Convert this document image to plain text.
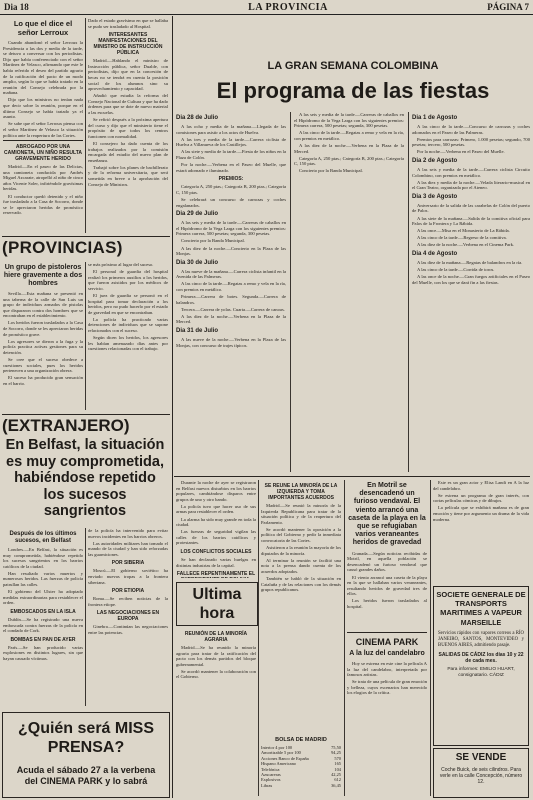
Dia 18	LA PROVINCIA	PÁGINA 7
Lo que el dice el señor Lerroux

Cuando abandonó el señor Lerroux la Presidencia a las dos y media de la tarde, se detuvo a conversar con los periodistas. Dijo que había conferenciado con el señor Martínez de Velasco, afirmando que este le había referido el deseo del partido agrario de la ratificación del pacto de un modo amplio, según lo que se había tratado en la reunión del Consejo celebrada por la mañana.

Dijo que los ministros no tenían nada que decir sobre la reunión, porque en el último Consejo se había tratado ya el asunto.

Se sabe que el señor Lerroux piensa con el señor Martínez de Velasco la situación política ante la reapertura de las Cortes.

ABROGADO POR UNA CAMIONETA, UN NIÑO RESULTA GRAVEMENTE HERIDO

Madrid.—En el paseo de las Delicias, una camioneta conducida por Andrés Miguel Azcarate, atropelló al niño de cinco años Vicente Soler, infiriéndole gravísimas heridas.

El conductor quedó detenido y el niño fue trasladado a la Casa de Socorro, donde se le apreciaron heridas de pronóstico reservado.

Dado el estado gravísimo en que se hallaba se pudo ser trasladado al Hospital.

INTERESANTES MANIFESTACIONES DEL MINISTRO DE INSTRUCCIÓN PÚBLICA

Madrid.—Hablando el ministro de Instrucción pública, señor Dualde, con periodistas, dijo que en la concesión de becas no se tendrá en cuenta la posición social de los alumnos sino su aprovechamiento y capacidad.

Añadió que estudia la reforma del Consejo Nacional de Cultura y que ha dado órdenes para que se dote de nuevo material a las escuelas.

Se refirió después a la próxima apertura del curso y dijo que el ministerio tiene el propósito de que todos los centros funcionen con normalidad.

El consejero ha dado cuenta de los trabajos realizados por la comisión encargada del estudio del nuevo plan de enseñanza.

Trabajó sobre los planes de bachillerato y de la reforma universitaria, que será sometida en breve a la aprobación del Consejo de Ministros.

(PROVINCIAS)
Un grupo de pistoleros hiere gravemente a dos hombres

Sevilla.—Esta mañana se presentó en una taberna de la calle de San Luis un grupo de individuos armados de pistolas que dispararon contra dos hombres que se encontraban en el establecimiento.

Los heridos fueron trasladados a la Casa de Socorro, donde se les apreciaron heridas de pronóstico grave.

Los agresores se dieron a la fuga y la policía practica activas gestiones para su detención.

Se cree que el suceso obedece a cuestiones sociales, pues los heridos pertenecen a una organización obrera.

El suceso ha producido gran sensación en el barrio.

se más próximo al lugar del suceso.

El personal de guardia del hospital realizó los primeros auxilios a los heridos, que fueron asistidos por los médicos de servicio.

El juez de guardia se personó en el hospital para tomar declaración a los heridos, pero no pudo hacerlo por el estado de gravedad en que se encontraban.

La policía ha practicado varias detenciones de individuos que se supone relacionados con el suceso.

Según dicen los heridos, los agresores les habían amenazado días antes por cuestiones relacionadas con el trabajo.

(EXTRANJERO)
En Belfast, la situación es muy comprometida, habiéndose repetido los sucesos sangrientos
Después de los últimos sucesos, en Belfast

Londres.—En Belfast, la situación es muy comprometida, habiéndose repetido los sucesos sangrientos en los barrios católicos de la ciudad.

Han resultado varios muertos y numerosos heridos. Las fuerzas de policía patrullan las calles.

El gobierno del Ulster ha adoptado medidas extraordinarias para restablecer el orden.

EMBOSCADOS EN LA ISLA

Dublín.—Se ha registrado una nueva emboscada contra fuerzas de la policía en el condado de Cork.

BOMBAS EN PAN DE AYER

París.—Se han producido varias explosiones en distintos lugares, sin que hayan causado víctimas.

de la policía ha intervenido para evitar nuevos incidentes en los barrios obreros.

Las autoridades militares han tomado el mando de la ciudad y han sido reforzadas las guarniciones.

POR SIBERIA

Moscú.—El gobierno soviético ha enviado nuevas tropas a la frontera siberiana.

POR ETIOPIA

Roma.—Se reciben noticias de la frontera etíope.

LAS NEGOCIACIONES EN EUROPA

Ginebra.—Continúan las negociaciones entre las potencias.

¿Quién será MISS PRENSA?
Acuda el sábado 27 a la verbena del CINEMA PARK y lo sabrá
LA GRAN SEMANA COLOMBINA
El programa de las fiestas
Dia 28 de Julio

A las ocho y media de la mañana.—Llegada de las comisiones para asistir a los actos de Huelva.

A las tres y media de la tarde.—Carrera ciclista de Huelva a Villanueva de los Castillejos.

A las siete y media de la tarde.—Fiesta de los niños en la Plaza de Colón.

Por la noche.—Verbena en el Paseo del Muelle, que estará adornado e iluminado.

PREMIOS:

Categoría A, 250 ptas.; Categoría B, 200 ptas.; Categoría C, 150 ptas.

Se celebrará un concurso de carrozas y coches engalanados.

Dia 29 de Julio

A las seis y media de la tarde.—Carreras de caballos en el Hipódromo de la Vega Larga con los siguientes premios: Primera carrera, 500 pesetas; segunda, 300 pesetas.

Concierto por la Banda Municipal.

A las diez de la noche.—Concierto en la Plaza de las Monjas.

Dia 30 de Julio

A las nueve de la mañana.—Carrera ciclista infantil en la Avenida de las Palmeras.

A las cinco de la tarde.—Regatas a remo y vela en la ría, con premios en metálico.

Primera.—Carrera de botes. Segunda.—Carrera de balandros.

Tercera.—Carrera de yolas. Cuarta.—Carrera de canoas.

A las diez de la noche.—Verbena en la Plaza de la Merced.

Dia 31 de Julio

A las nueve de la noche.—Verbena en la Plaza de las Monjas, con concurso de trajes típicos.

A las seis y media de la tarde.—Carreras de caballos en el Hipódromo de la Vega Larga con los siguientes premios: Primera carrera, 500 pesetas; segunda, 300 pesetas.

A las cinco de la tarde.—Regatas a remo y vela en la ría, con premios en metálico.

A las diez de la noche.—Verbena en la Plaza de la Merced.

Categoría A, 250 ptas.; Categoría B, 200 ptas.; Categoría C, 150 ptas.

Concierto por la Banda Municipal.

Dia 1 de Agosto

A las cinco de la tarde.—Concurso de carrozas y coches adornados en el Paseo de las Palmeras.

Premios para carrozas: Primero, 1.000 pesetas; segundo, 700 pesetas; tercero, 500 pesetas.

Por la noche.—Verbena en el Paseo del Muelle.

Dia 2 de Agosto

A las seis y media de la tarde.—Carrera ciclista Circuito Colombino, con premios en metálico.

A las diez y media de la noche.—Velada literario-musical en el Gran Teatro, organizada por el Ateneo.

Dia 3 de Agosto

Aniversario de la salida de las carabelas de Colón del puerto de Palos.

A las siete de la mañana.—Salida de la comitiva oficial para Palos de la Frontera y La Rábida.

A las once.—Misa en el Monasterio de La Rábida.

A las cinco de la tarde.—Regreso de la comitiva.

A las diez de la noche.—Verbena en el Cinema Park.

Dia 4 de Agosto

A las diez de la mañana.—Regatas de balandros en la ría.

A las cinco de la tarde.—Corrida de toros.

A las once de la noche.—Gran fuegos artificiales en el Paseo del Muelle, con los que se dará fin a las fiestas.

Durante la noche de ayer se registraron en Belfast nuevos disturbios en los barrios populares, cambiándose disparos entre grupos de uno y otro bando.

La policía tuvo que hacer uso de sus armas para restablecer el orden.

La alarma ha sido muy grande en toda la ciudad.

Las fuerzas de seguridad vigilan las calles de los barrios católicos y protestantes.

LOS CONFLICTOS SOCIALES

Se han declarado varias huelgas en distintas industrias de la capital.

FALLECE REPENTINAMENTE EL

SE REUNE LA MINORÍA DE LA IZQUIERDA Y TOMA IMPORTANTES ACUERDOS

Madrid.—Se reunió la minoría de la Izquierda Republicana para tratar de la situación política y de la reapertura del Parlamento.

Se acordó mantener la oposición a la política del Gobierno y pedir la inmediata convocatoria de las Cortes.

Asistieron a la reunión la mayoría de los diputados de la minoría.

Al terminar la reunión se facilitó una nota a la prensa dando cuenta de los acuerdos adoptados.

También se habló de la situación en Cataluña y de las relaciones con los demás grupos republicanos.

En Motril se desencadenó un furioso vendaval. El viento arrancó una caseta de la playa en la que se refugiaban varios veraneantes heridos de gravedad

Granada.—Según noticias recibidas de Motril, en aquella población se desencadenó un furioso vendaval que causó grandes daños.

El viento arrancó una caseta de la playa en la que se hallaban varios veraneantes, resultando heridos de gravedad tres de ellos.

Los heridos fueron trasladados al hospital.

Ultima hora
REUNIÓN DE LA MINORÍA AGRARIA

Madrid.—Se ha reunido la minoría agraria para tratar de la ratificación del pacto con los demás partidos del bloque gubernamental.

Se acordó mantener la colaboración con el Gobierno.

BOLSA DE MADRID
Interior 4 por 100	75,50
Amortizable 5 por 100	94,25
Acciones Banco de España	570
Hispano Americano	165
Telefónica	104
Azucareras	42,25
Explosivos	612
Libras	36,45
CINEMA PARK
A la luz del candelabro

Hoy se estrena en este cine la película A la luz del candelabro, interpretada por famosos artistas.

Se trata de una película de gran emoción y belleza, cuyos escenarios han merecido los elogios de la crítica.

Este es un gran actor y Elisa Landi en A la luz del candelabro.

Se estrena un programa de gran interés, con cortas películas cómicas y de dibujos.

La película que se exhibirá mañana es de gran emoción y tiene por argumento un drama de la vida moderna.

SOCIETE GENERALE DE TRANSPORTS MARITIMES A VAPEUR
MARSEILLE
Servicios rápidos con vapores correos a RÍO JANEIRO, SANTOS, MONTEVIDEO y BUENOS AIRES, admitiendo pasaje.
SALIDAS DE CÁDIZ los días 10 y 22 de cada mes.
Para informes: EMILIO HUART, consignatario. CÁDIZ
SE VENDE
Coche Buick, de seis cilindros. Para verle en la calle Concepción, número 12.
